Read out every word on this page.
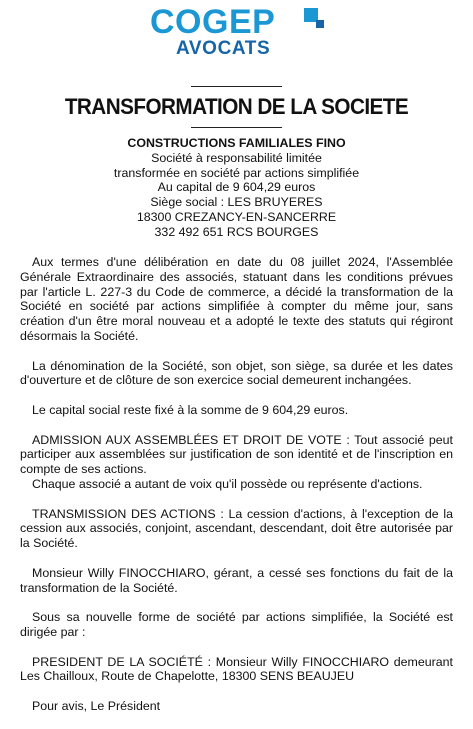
COGEP
AVOCATS
TRANSFORMATION DE LA SOCIETE
CONSTRUCTIONS FAMILIALES FINO
Société à responsabilité limitée
transformée en société par actions simplifiée
Au capital de 9 604,29 euros
Siège social : LES BRUYERES
18300 CREZANCY-EN-SANCERRE
332 492 651 RCS BOURGES

Aux termes d'une délibération en date du 08 juillet 2024, l'Assemblée Générale Extraordinaire des associés, statuant dans les conditions prévues par l'article L. 227-3 du Code de commerce, a décidé la transformation de la Société en société par actions simplifiée à compter du même jour, sans création d'un être moral nouveau et a adopté le texte des statuts qui régiront désormais la Société.

La dénomination de la Société, son objet, son siège, sa durée et les dates d'ouverture et de clôture de son exercice social demeurent inchangées.

Le capital social reste fixé à la somme de 9 604,29 euros.

ADMISSION AUX ASSEMBLÉES ET DROIT DE VOTE : Tout associé peut participer aux assemblées sur justification de son identité et de l'inscription en compte de ses actions.

Chaque associé a autant de voix qu'il possède ou représente d'actions.

TRANSMISSION DES ACTIONS : La cession d'actions, à l'exception de la cession aux associés, conjoint, ascendant, descendant, doit être autorisée par la Société.

Monsieur Willy FINOCCHIARO, gérant, a cessé ses fonctions du fait de la transformation de la Société.

Sous sa nouvelle forme de société par actions simplifiée, la Société est dirigée par :

PRESIDENT DE LA SOCIÉTÉ : Monsieur Willy FINOCCHIARO demeurant Les Chailloux, Route de Chapelotte, 18300 SENS BEAUJEU

Pour avis, Le Président
